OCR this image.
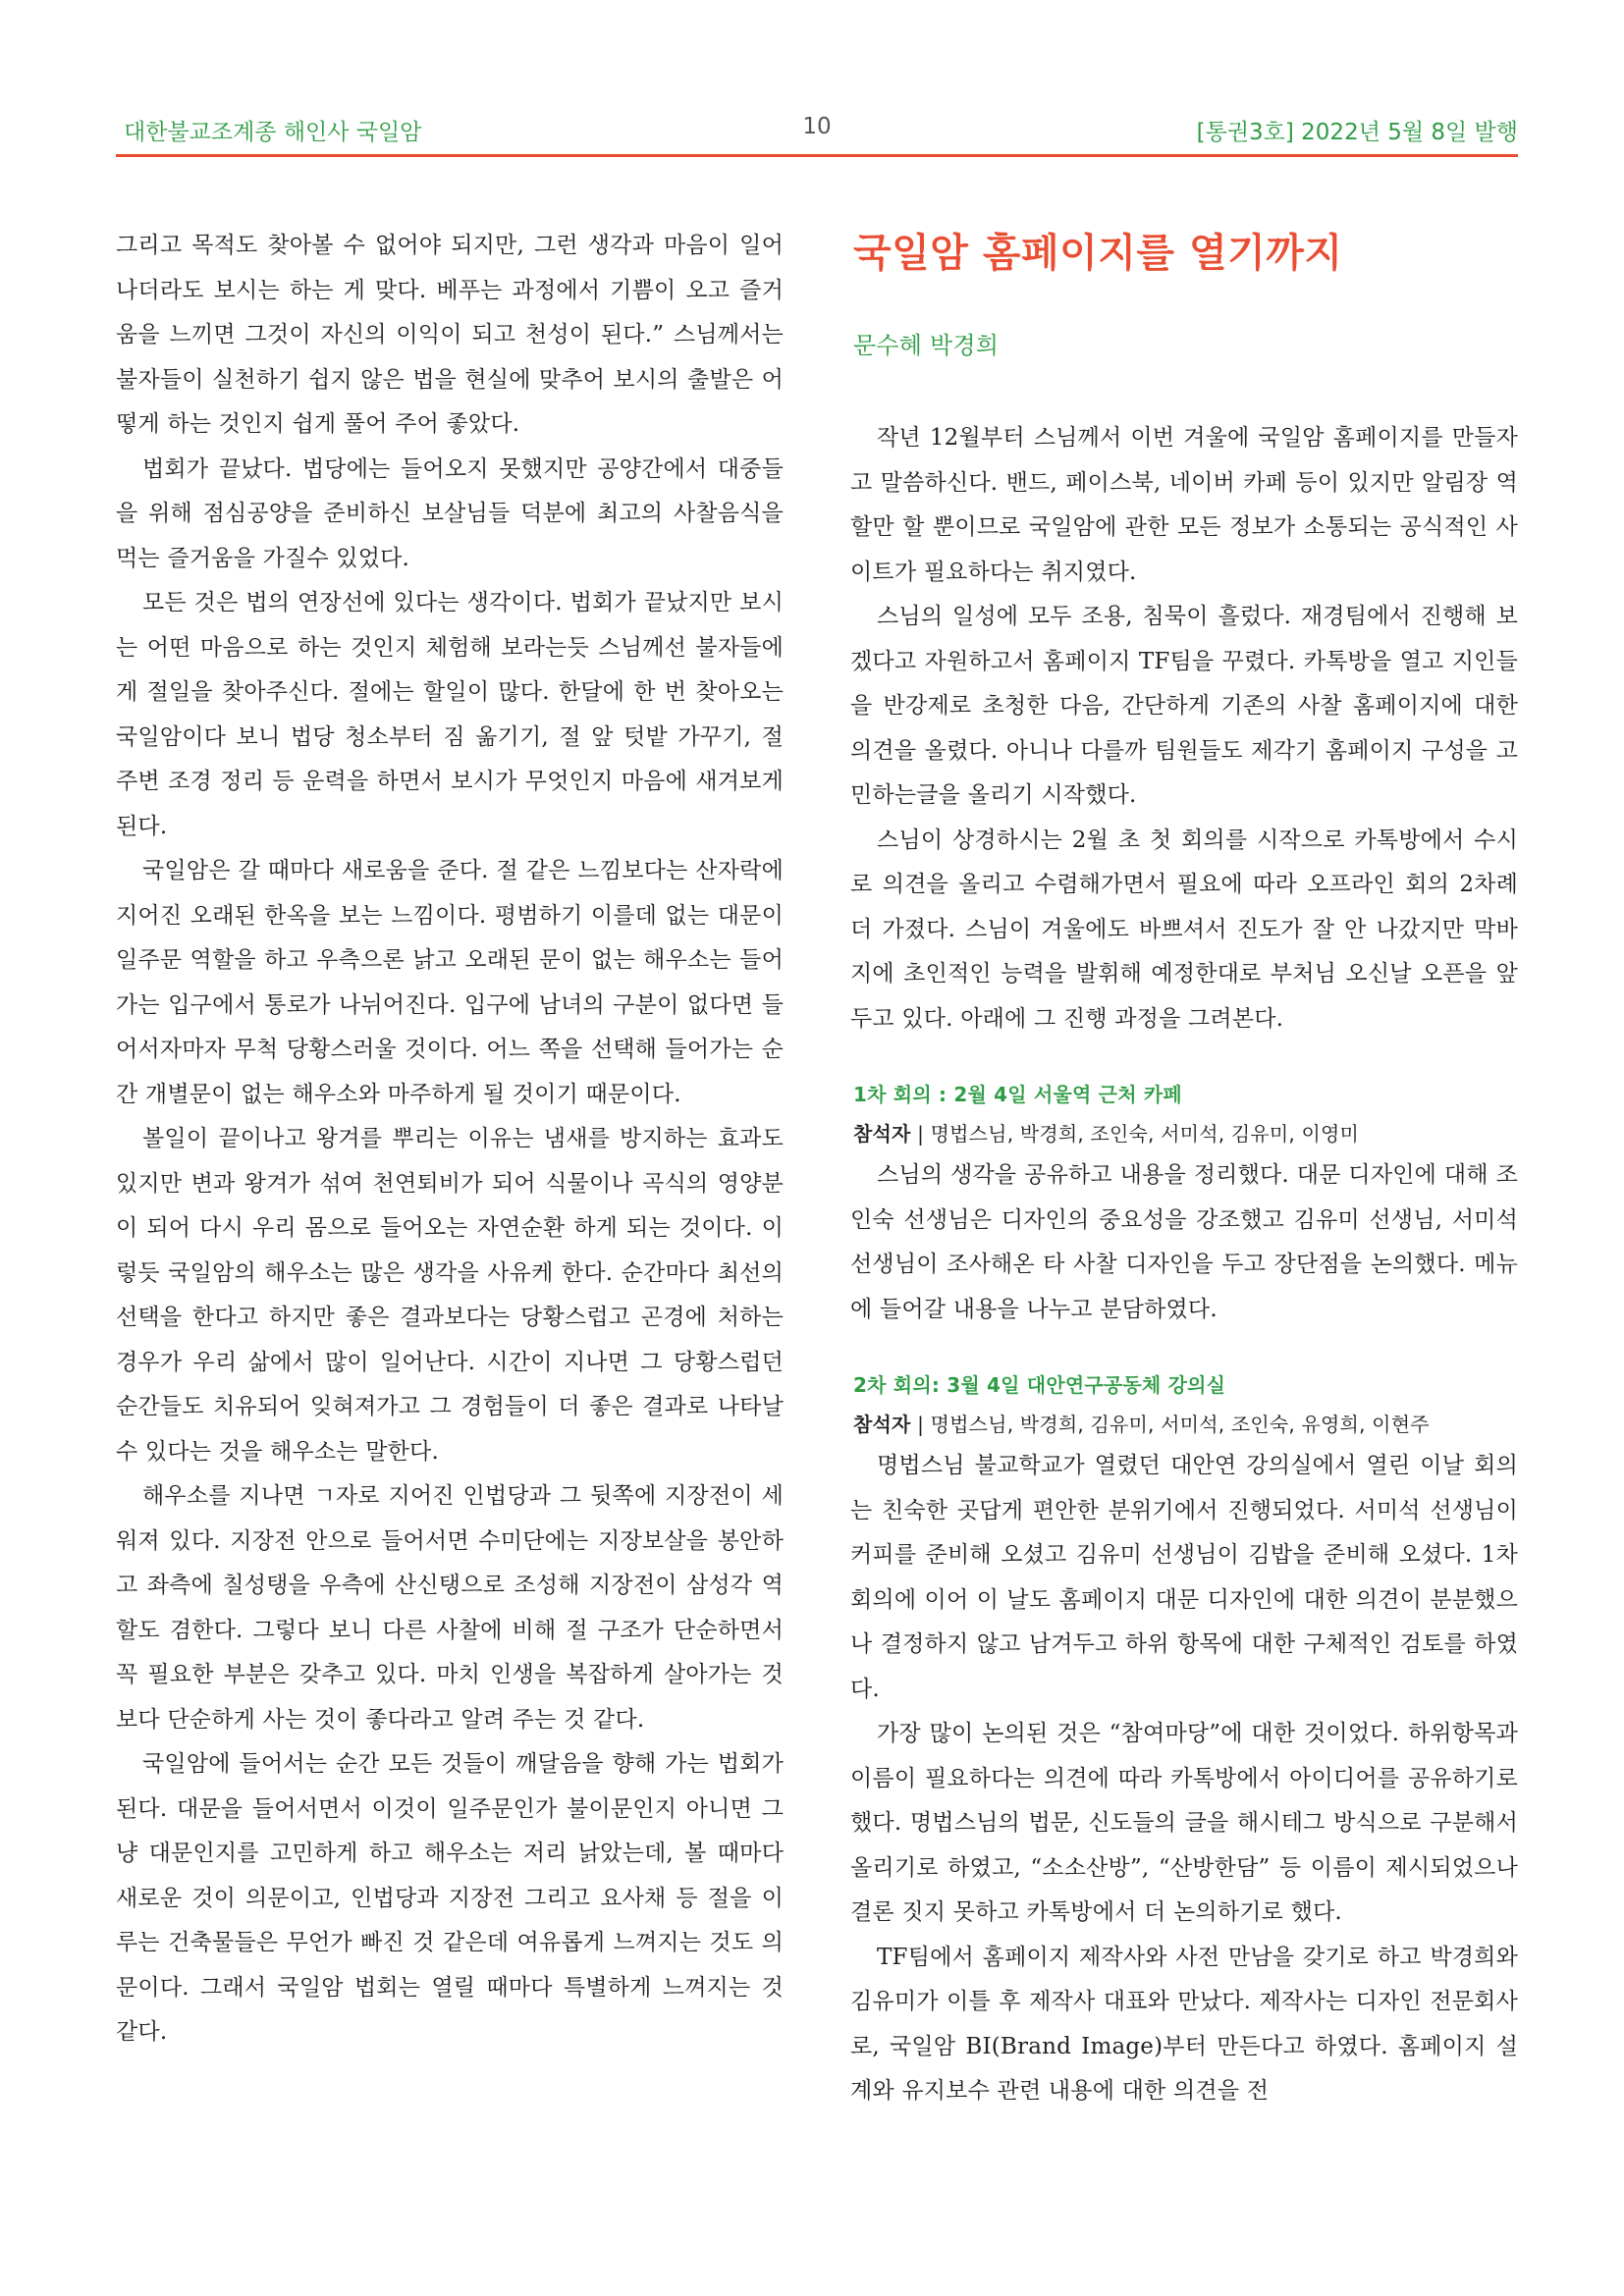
대한불교조계종 해인사 국일암	10	[통권3호] 2022년 5월 8일 발행

그리고 목적도 찾아볼 수 없어야 되지만, 그런 생각과 마음이 일어나더라도 보시는 하는 게 맞다. 베푸는 과정에서 기쁨이 오고 즐거움을 느끼면 그것이 자신의 이익이 되고 천성이 된다.” 스님께서는 불자들이 실천하기 쉽지 않은 법을 현실에 맞추어 보시의 출발은 어떻게 하는 것인지 쉽게 풀어 주어 좋았다.

법회가 끝났다. 법당에는 들어오지 못했지만 공양간에서 대중들을 위해 점심공양을 준비하신 보살님들 덕분에 최고의 사찰음식을 먹는 즐거움을 가질수 있었다.

모든 것은 법의 연장선에 있다는 생각이다. 법회가 끝났지만 보시는 어떤 마음으로 하는 것인지 체험해 보라는듯 스님께선 불자들에게 절일을 찾아주신다. 절에는 할일이 많다. 한달에 한 번 찾아오는 국일암이다 보니 법당 청소부터 짐 옮기기, 절 앞 텃밭 가꾸기, 절 주변 조경 정리 등 운력을 하면서 보시가 무엇인지 마음에 새겨보게 된다.

국일암은 갈 때마다 새로움을 준다. 절 같은 느낌보다는 산자락에 지어진 오래된 한옥을 보는 느낌이다. 평범하기 이를데 없는 대문이 일주문 역할을 하고 우측으론 낡고 오래된 문이 없는 해우소는 들어가는 입구에서 통로가 나뉘어진다. 입구에 남녀의 구분이 없다면 들어서자마자 무척 당황스러울 것이다. 어느 쪽을 선택해 들어가는 순간 개별문이 없는 해우소와 마주하게 될 것이기 때문이다.

볼일이 끝이나고 왕겨를 뿌리는 이유는 냄새를 방지하는 효과도 있지만 변과 왕겨가 섞여 천연퇴비가 되어 식물이나 곡식의 영양분이 되어 다시 우리 몸으로 들어오는 자연순환 하게 되는 것이다. 이렇듯 국일암의 해우소는 많은 생각을 사유케 한다. 순간마다 최선의 선택을 한다고 하지만 좋은 결과보다는 당황스럽고 곤경에 처하는 경우가 우리 삶에서 많이 일어난다. 시간이 지나면 그 당황스럽던 순간들도 치유되어 잊혀져가고 그 경험들이 더 좋은 결과로 나타날수 있다는 것을 해우소는 말한다.

해우소를 지나면 ㄱ자로 지어진 인법당과 그 뒷쪽에 지장전이 세워져 있다. 지장전 안으로 들어서면 수미단에는 지장보살을 봉안하고 좌측에 칠성탱을 우측에 산신탱으로 조성해 지장전이 삼성각 역할도 겸한다. 그렇다 보니 다른 사찰에 비해 절 구조가 단순하면서 꼭 필요한 부분은 갖추고 있다. 마치 인생을 복잡하게 살아가는 것보다 단순하게 사는 것이 좋다라고 알려 주는 것 같다.

국일암에 들어서는 순간 모든 것들이 깨달음을 향해 가는 법회가 된다. 대문을 들어서면서 이것이 일주문인가 불이문인지 아니면 그냥 대문인지를 고민하게 하고 해우소는 저리 낡았는데, 볼 때마다 새로운 것이 의문이고, 인법당과 지장전 그리고 요사채 등 절을 이루는 건축물들은 무언가 빠진 것 같은데 여유롭게 느껴지는 것도 의문이다. 그래서 국일암 법회는 열릴 때마다 특별하게 느껴지는 것 같다.

국일암 홈페이지를 열기까지
문수혜 박경희

작년 12월부터 스님께서 이번 겨울에 국일암 홈페이지를 만들자고 말씀하신다. 밴드, 페이스북, 네이버 카페 등이 있지만 알림장 역할만 할 뿐이므로 국일암에 관한 모든 정보가 소통되는 공식적인 사이트가 필요하다는 취지였다.

스님의 일성에 모두 조용, 침묵이 흘렀다. 재경팀에서 진행해 보겠다고 자원하고서 홈페이지 TF팀을 꾸렸다. 카톡방을 열고 지인들을 반강제로 초청한 다음, 간단하게 기존의 사찰 홈페이지에 대한 의견을 올렸다. 아니나 다를까 팀원들도 제각기 홈페이지 구성을 고민하는글을 올리기 시작했다.

스님이 상경하시는 2월 초 첫 회의를 시작으로 카톡방에서 수시로 의견을 올리고 수렴해가면서 필요에 따라 오프라인 회의 2차례 더 가졌다. 스님이 겨울에도 바쁘셔서 진도가 잘 안 나갔지만 막바지에 초인적인 능력을 발휘해 예정한대로 부처님 오신날 오픈을 앞두고 있다. 아래에 그 진행 과정을 그려본다.

1차 회의 : 2월 4일 서울역 근처 카페
참석자 | 명법스님, 박경희, 조인숙, 서미석, 김유미, 이영미

스님의 생각을 공유하고 내용을 정리했다. 대문 디자인에 대해 조인숙 선생님은 디자인의 중요성을 강조했고 김유미 선생님, 서미석 선생님이 조사해온 타 사찰 디자인을 두고 장단점을 논의했다. 메뉴에 들어갈 내용을 나누고 분담하였다.

2차 회의: 3월 4일 대안연구공동체 강의실
참석자 | 명법스님, 박경희, 김유미, 서미석, 조인숙, 유영희, 이현주

명법스님 불교학교가 열렸던 대안연 강의실에서 열린 이날 회의는 친숙한 곳답게 편안한 분위기에서 진행되었다. 서미석 선생님이 커피를 준비해 오셨고 김유미 선생님이 김밥을 준비해 오셨다. 1차 회의에 이어 이 날도 홈페이지 대문 디자인에 대한 의견이 분분했으나 결정하지 않고 남겨두고 하위 항목에 대한 구체적인 검토를 하였다.

가장 많이 논의된 것은 “참여마당”에 대한 것이었다. 하위항목과 이름이 필요하다는 의견에 따라 카톡방에서 아이디어를 공유하기로 했다. 명법스님의 법문, 신도들의 글을 해시테그 방식으로 구분해서 올리기로 하였고, “소소산방”, “산방한담” 등 이름이 제시되었으나 결론 짓지 못하고 카톡방에서 더 논의하기로 했다.

TF팀에서 홈페이지 제작사와 사전 만남을 갖기로 하고 박경희와 김유미가 이틀 후 제작사 대표와 만났다. 제작사는 디자인 전문회사로, 국일암 BI(Brand Image)부터 만든다고 하였다. 홈페이지 설계와 유지보수 관련 내용에 대한 의견을 전
